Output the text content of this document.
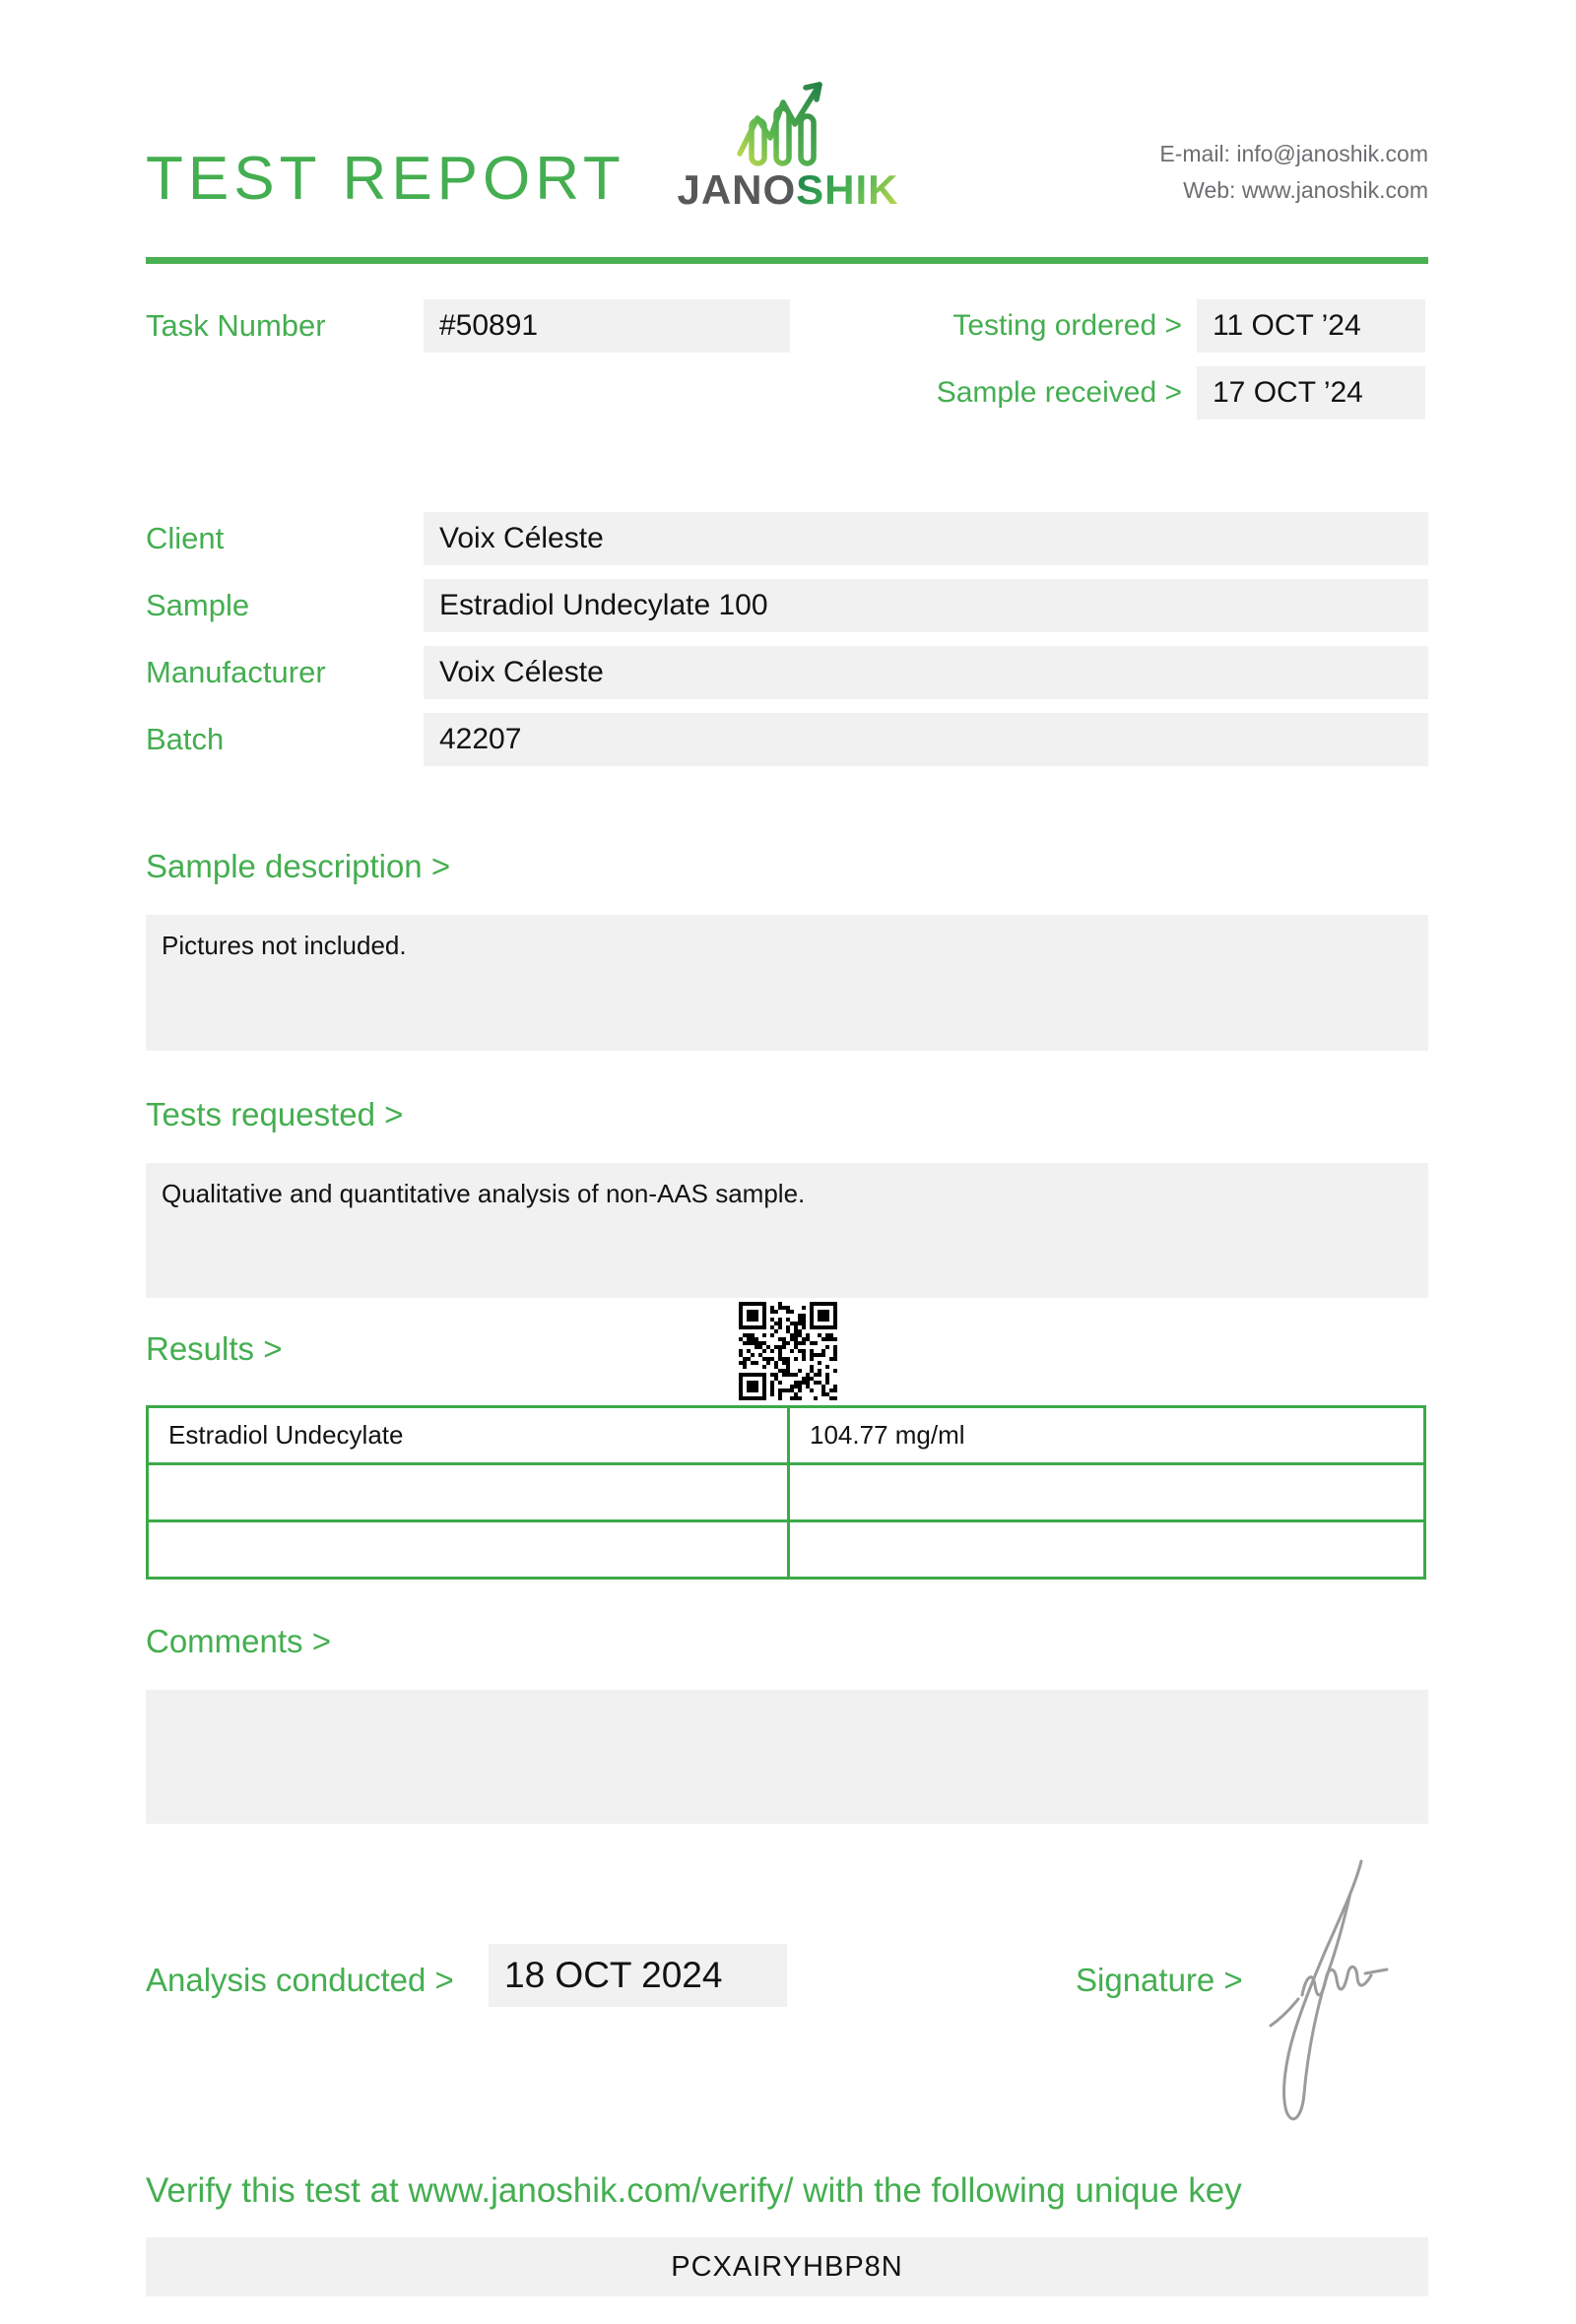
TEST REPORT	JANOSHIK
E-mail: info@janoshik.com
Web: www.janoshik.com
Task Number	#50891	Testing ordered >	11 OCT ’24
Sample received >	17 OCT ’24
Client	Voix Céleste
Sample	Estradiol Undecylate 100
Manufacturer	Voix Céleste
Batch	42207
Sample description >
Pictures not included.
Tests requested >
Qualitative and quantitative analysis of non-AAS sample.
Results >
Estradiol Undecylate	104.77 mg/ml
Comments >
Analysis conducted >	18 OCT 2024	Signature >
Verify this test at www.janoshik.com/verify/ with the following unique key
PCXAIRYHBP8N
